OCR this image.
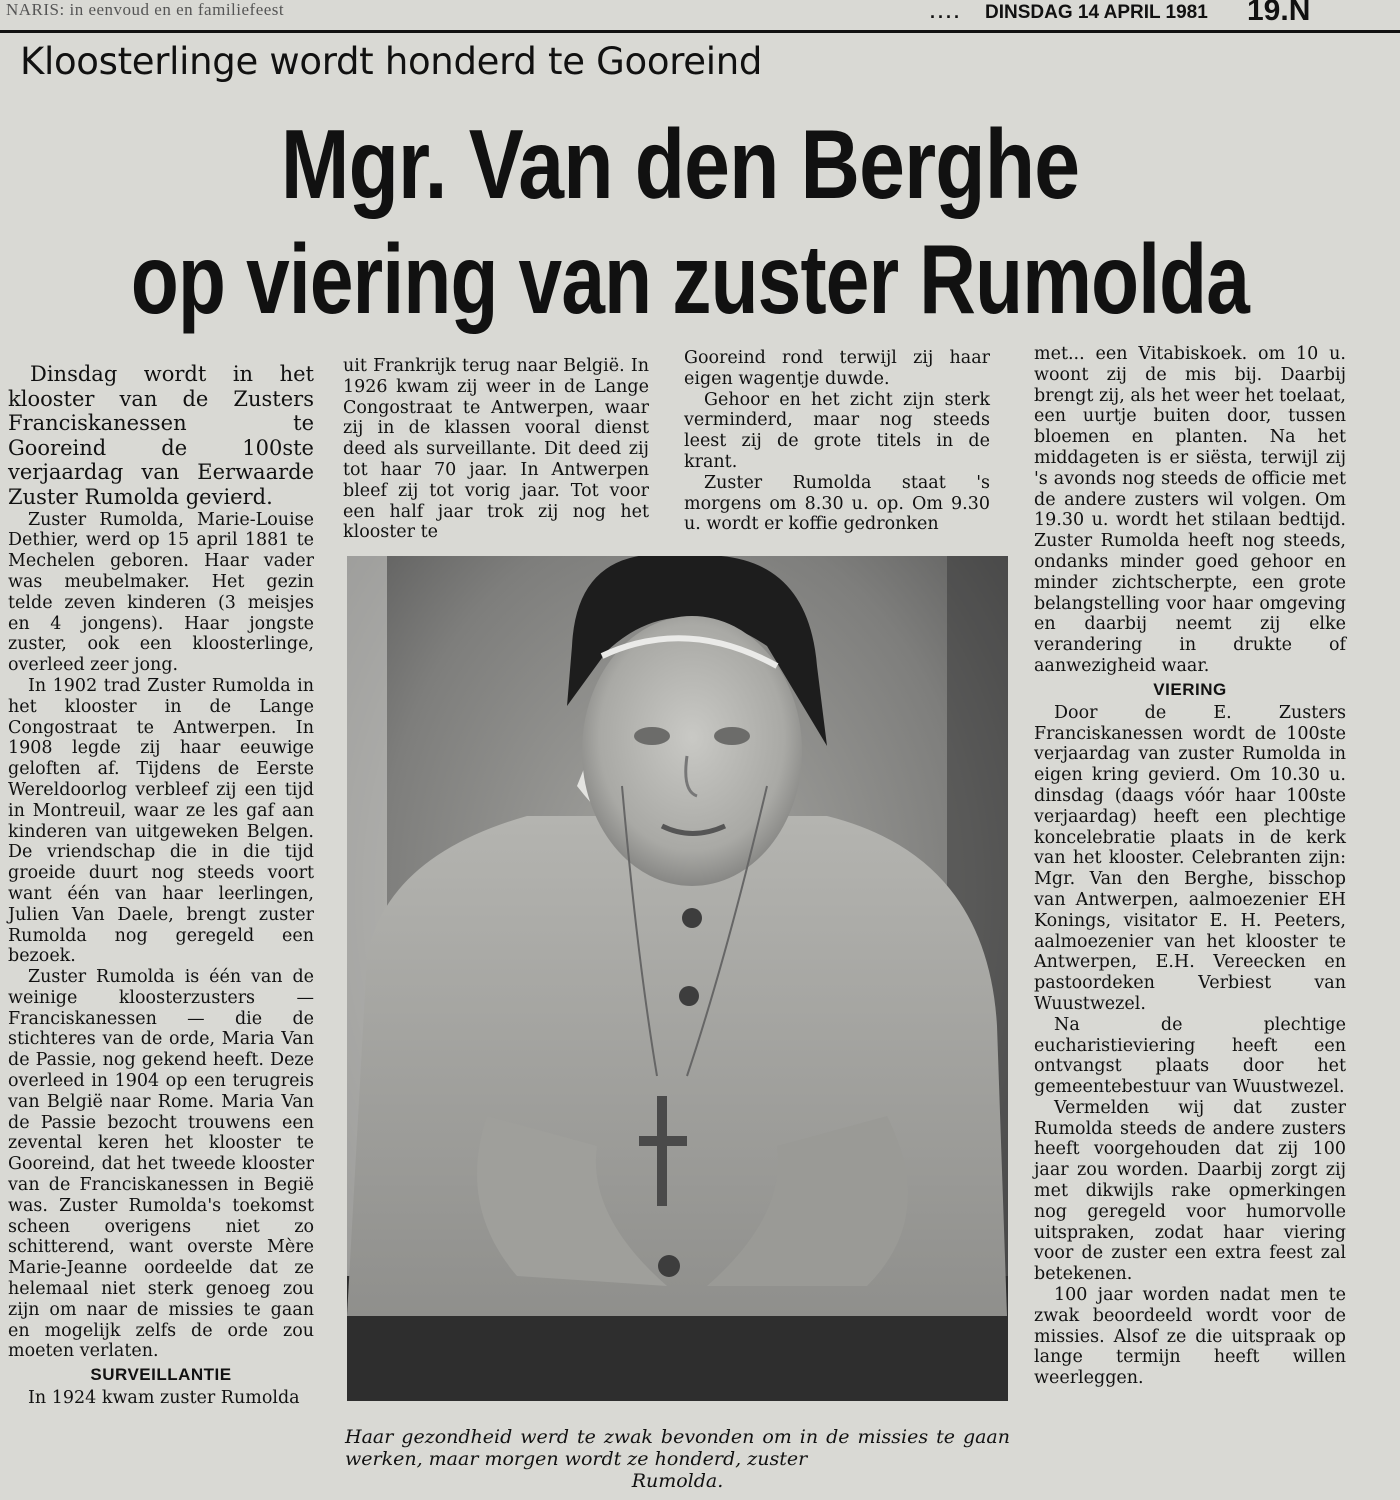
NARIS: in eenvoud en en familiefeest	.... DINSDAG 14 APRIL 1981 19.N
Kloosterlinge wordt honderd te Gooreind
Mgr. Van den Berghe
op viering van zuster Rumolda

Dinsdag wordt in het klooster van de Zusters Franciskanessen te Gooreind de 100ste verjaardag van Eerwaarde Zuster Rumolda gevierd.

Zuster Rumolda, Marie-Louise Dethier, werd op 15 april 1881 te Mechelen geboren. Haar vader was meubelmaker. Het gezin telde zeven kinderen (3 meisjes en 4 jongens). Haar jongste zuster, ook een kloosterlinge, overleed zeer jong.

In 1902 trad Zuster Rumolda in het klooster in de Lange Congostraat te Antwerpen. In 1908 legde zij haar eeuwige geloften af. Tijdens de Eerste Wereldoorlog verbleef zij een tijd in Montreuil, waar ze les gaf aan kinderen van uitgeweken Belgen. De vriendschap die in die tijd groeide duurt nog steeds voort want één van haar leerlingen, Julien Van Daele, brengt zuster Rumolda nog geregeld een bezoek.

Zuster Rumolda is één van de weinige kloosterzusters — Franciskanessen — die de stichteres van de orde, Maria Van de Passie, nog gekend heeft. Deze overleed in 1904 op een terugreis van België naar Rome. Maria Van de Passie bezocht trouwens een zevental keren het klooster te Gooreind, dat het tweede klooster van de Franciskanessen in Begië was. Zuster Rumolda's toekomst scheen overigens niet zo schitterend, want overste Mère Marie-Jeanne oordeelde dat ze helemaal niet sterk genoeg zou zijn om naar de missies te gaan en mogelijk zelfs de orde zou moeten verlaten.

SURVEILLANTIE

In 1924 kwam zuster Rumolda

uit Frankrijk terug naar België. In 1926 kwam zij weer in de Lange Congostraat te Antwerpen, waar zij in de klassen vooral dienst deed als surveillante. Dit deed zij tot haar 70 jaar. In Antwerpen bleef zij tot vorig jaar. Tot voor een half jaar trok zij nog het klooster te

Gooreind rond terwijl zij haar eigen wagentje duwde.

Gehoor en het zicht zijn sterk verminderd, maar nog steeds leest zij de grote titels in de krant.

Zuster Rumolda staat 's morgens om 8.30 u. op. Om 9.30 u. wordt er koffie gedronken

met... een Vitabiskoek. om 10 u. woont zij de mis bij. Daarbij brengt zij, als het weer het toelaat, een uurtje buiten door, tussen bloemen en planten. Na het middageten is er siësta, terwijl zij 's avonds nog steeds de officie met de andere zusters wil volgen. Om 19.30 u. wordt het stilaan bedtijd. Zuster Rumolda heeft nog steeds, ondanks minder goed gehoor en minder zichtscherpte, een grote belangstelling voor haar omgeving en daarbij neemt zij elke verandering in drukte of aanwezigheid waar.

VIERING

Door de E. Zusters Franciskanessen wordt de 100ste verjaardag van zuster Rumolda in eigen kring gevierd. Om 10.30 u. dinsdag (daags vóór haar 100ste verjaardag) heeft een plechtige koncelebratie plaats in de kerk van het klooster. Celebranten zijn: Mgr. Van den Berghe, bisschop van Antwerpen, aalmoezenier EH Konings, visitator E. H. Peeters, aalmoezenier van het klooster te Antwerpen, E.H. Vereecken en pastoordeken Verbiest van Wuustwezel.

Na de plechtige eucharistieviering heeft een ontvangst plaats door het gemeentebestuur van Wuustwezel.

Vermelden wij dat zuster Rumolda steeds de andere zusters heeft voorgehouden dat zij 100 jaar zou worden. Daarbij zorgt zij met dikwijls rake opmerkingen nog geregeld voor humorvolle uitspraken, zodat haar viering voor de zuster een extra feest zal betekenen.

100 jaar worden nadat men te zwak beoordeeld wordt voor de missies. Alsof ze die uitspraak op lange termijn heeft willen weerleggen.

Haar gezondheid werd te zwak bevonden om in de missies te gaan werken, maar morgen wordt ze honderd, zuster
Rumolda.
